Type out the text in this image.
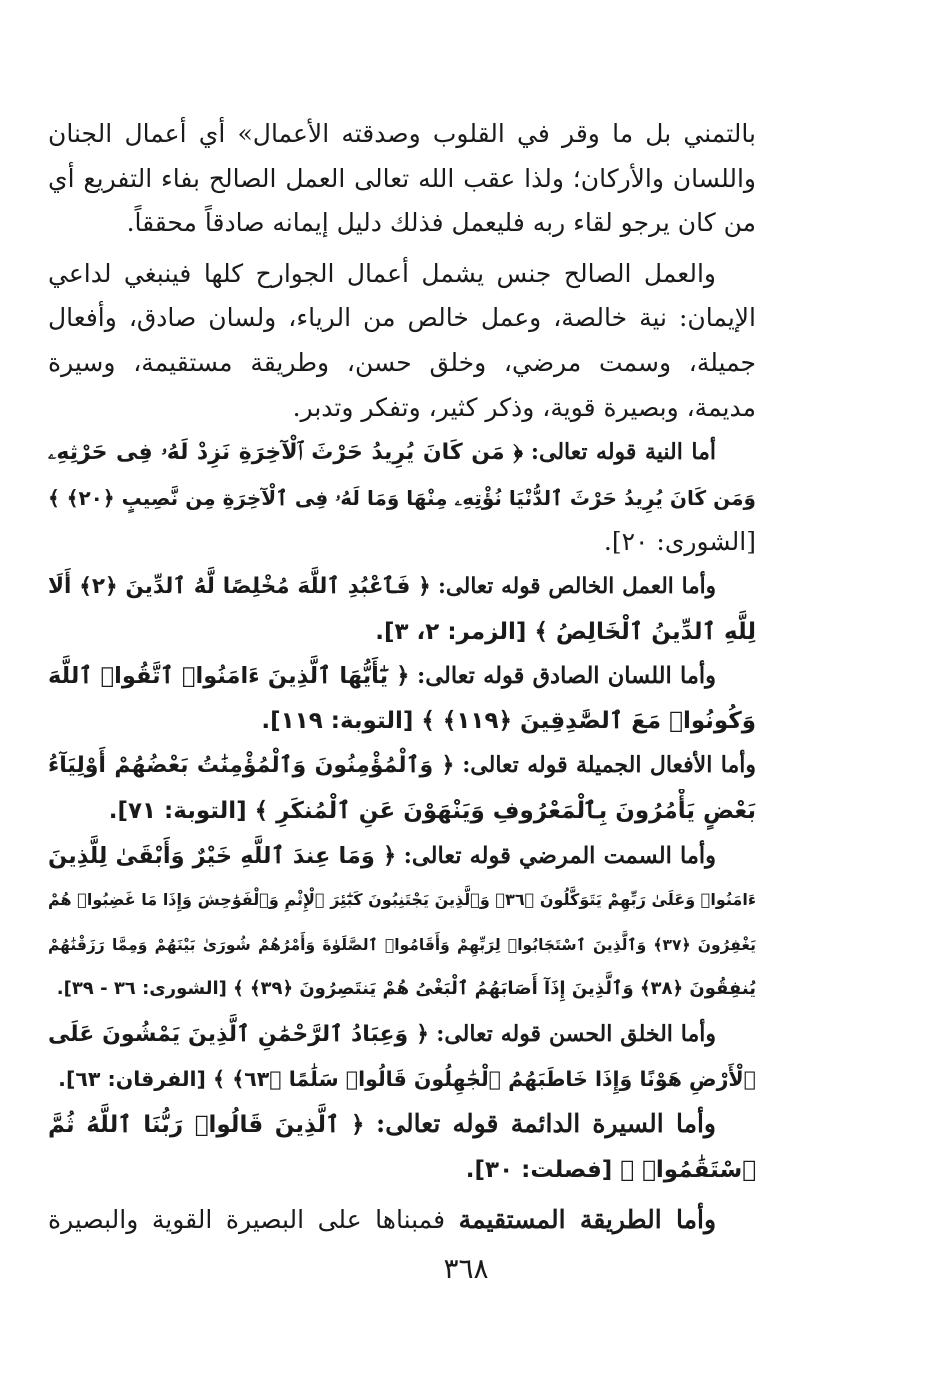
بالتمني بل ما وقر في القلوب وصدقته الأعمال» أي أعمال الجنان
واللسان والأركان؛ ولذا عقب الله تعالى العمل الصالح بفاء التفريع أي
من كان يرجو لقاء ربه فليعمل فذلك دليل إيمانه صادقاً محققاً.
والعمل الصالح جنس يشمل أعمال الجوارح كلها فينبغي لداعي
الإيمان: نية خالصة، وعمل خالص من الرياء، ولسان صادق، وأفعال
جميلة، وسمت مرضي، وخلق حسن، وطريقة مستقيمة، وسيرة
مديمة، وبصيرة قوية، وذكر كثير، وتفكر وتدبر.
أما النية قوله تعالى: ﴿ مَن كَانَ يُرِيدُ حَرْثَ ٱلْآخِرَةِ نَزِدْ لَهُۥ فِى حَرْثِهِۦ
وَمَن كَانَ يُرِيدُ حَرْثَ ٱلدُّنْيَا نُؤْتِهِۦ مِنْهَا وَمَا لَهُۥ فِى ٱلْآخِرَةِ مِن نَّصِيبٍ ﴿٢٠﴾ ﴾
[الشورى: ٢٠].
وأما العمل الخالص قوله تعالى: ﴿ فَٱعْبُدِ ٱللَّهَ مُخْلِصًا لَّهُ ٱلدِّينَ ﴿٢﴾ أَلَا
لِلَّهِ ٱلدِّينُ ٱلْخَالِصُ ﴾ [الزمر: ٢، ٣].
وأما اللسان الصادق قوله تعالى: ﴿ يَٰٓأَيُّهَا ٱلَّذِينَ ءَامَنُوا۟ ٱتَّقُوا۟ ٱللَّهَ
وَكُونُوا۟ مَعَ ٱلصَّٰدِقِينَ ﴿١١٩﴾ ﴾ [التوبة: ١١٩].
وأما الأفعال الجميلة قوله تعالى: ﴿ وَٱلْمُؤْمِنُونَ وَٱلْمُؤْمِنَٰتُ بَعْضُهُمْ أَوْلِيَآءُ
بَعْضٍ يَأْمُرُونَ بِٱلْمَعْرُوفِ وَيَنْهَوْنَ عَنِ ٱلْمُنكَرِ ﴾ [التوبة: ٧١].
وأما السمت المرضي قوله تعالى: ﴿ وَمَا عِندَ ٱللَّهِ خَيْرٌ وَأَبْقَىٰ لِلَّذِينَ
ءَامَنُوا۟ وَعَلَىٰ رَبِّهِمْ يَتَوَكَّلُونَ ﴿٣٦﴾ وَٱلَّذِينَ يَجْتَنِبُونَ كَبَٰٓئِرَ ٱلْإِثْمِ وَٱلْفَوَٰحِشَ وَإِذَا مَا غَضِبُوا۟ هُمْ
يَغْفِرُونَ ﴿٣٧﴾ وَٱلَّذِينَ ٱسْتَجَابُوا۟ لِرَبِّهِمْ وَأَقَامُوا۟ ٱلصَّلَوٰةَ وَأَمْرُهُمْ شُورَىٰ بَيْنَهُمْ وَمِمَّا رَزَقْنَٰهُمْ
يُنفِقُونَ ﴿٣٨﴾ وَٱلَّذِينَ إِذَآ أَصَابَهُمُ ٱلْبَغْىُ هُمْ يَنتَصِرُونَ ﴿٣٩﴾ ﴾ [الشورى: ٣٦ - ٣٩].
وأما الخلق الحسن قوله تعالى: ﴿ وَعِبَادُ ٱلرَّحْمَٰنِ ٱلَّذِينَ يَمْشُونَ عَلَى
ٱلْأَرْضِ هَوْنًا وَإِذَا خَاطَبَهُمُ ٱلْجَٰهِلُونَ قَالُوا۟ سَلَٰمًا ﴿٦٣﴾ ﴾ [الفرقان: ٦٣].
وأما السيرة الدائمة قوله تعالى: ﴿ ٱلَّذِينَ قَالُوا۟ رَبُّنَا ٱللَّهُ ثُمَّ
ٱسْتَقَٰمُوا۟ ﴾ [فصلت: ٣٠].
وأما الطريقة المستقيمة فمبناها على البصيرة القوية والبصيرة
٣٦٨
